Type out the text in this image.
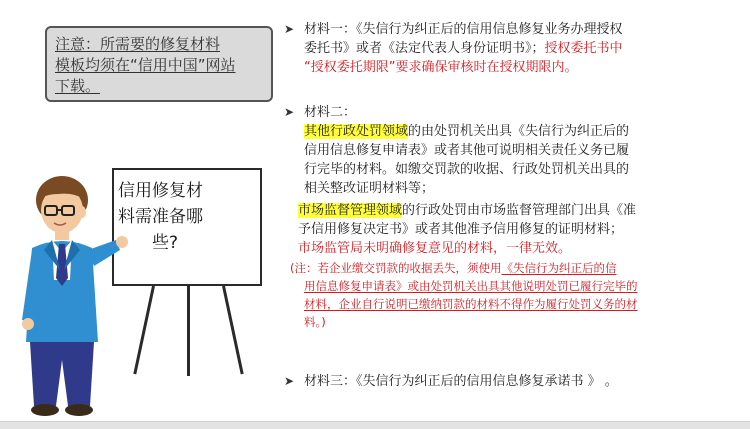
注意：所需要的修复材料
模板均须在“信用中国”网站
下载。
信用修复材
料需准备哪
些?
➤ 材料一：《失信行为纠正后的信用信息修复业务办理授权
委托书》或者《法定代表人身份证明书》；授权委托书中
“授权委托期限”要求确保审核时在授权期限内。
➤ 材料二：
其他行政处罚领域的由处罚机关出具《失信行为纠正后的
信用信息修复申请表》或者其他可说明相关责任义务已履
行完毕的材料。如缴交罚款的收据、行政处罚机关出具的
相关整改证明材料等；
市场监督管理领域的行政处罚由市场监督管理部门出具《准
予信用修复决定书》或者其他准予信用修复的证明材料；
市场监管局未明确修复意见的材料，一律无效。
(注：若企业缴交罚款的收据丢失，须使用《失信行为纠正后的信
用信息修复申请表》或由处罚机关出具其他说明处罚已履行完毕的
材料，企业自行说明已缴纳罚款的材料不得作为履行处罚义务的材
料。)
➤ 材料三：《失信行为纠正后的信用信息修复承诺书 》 。
